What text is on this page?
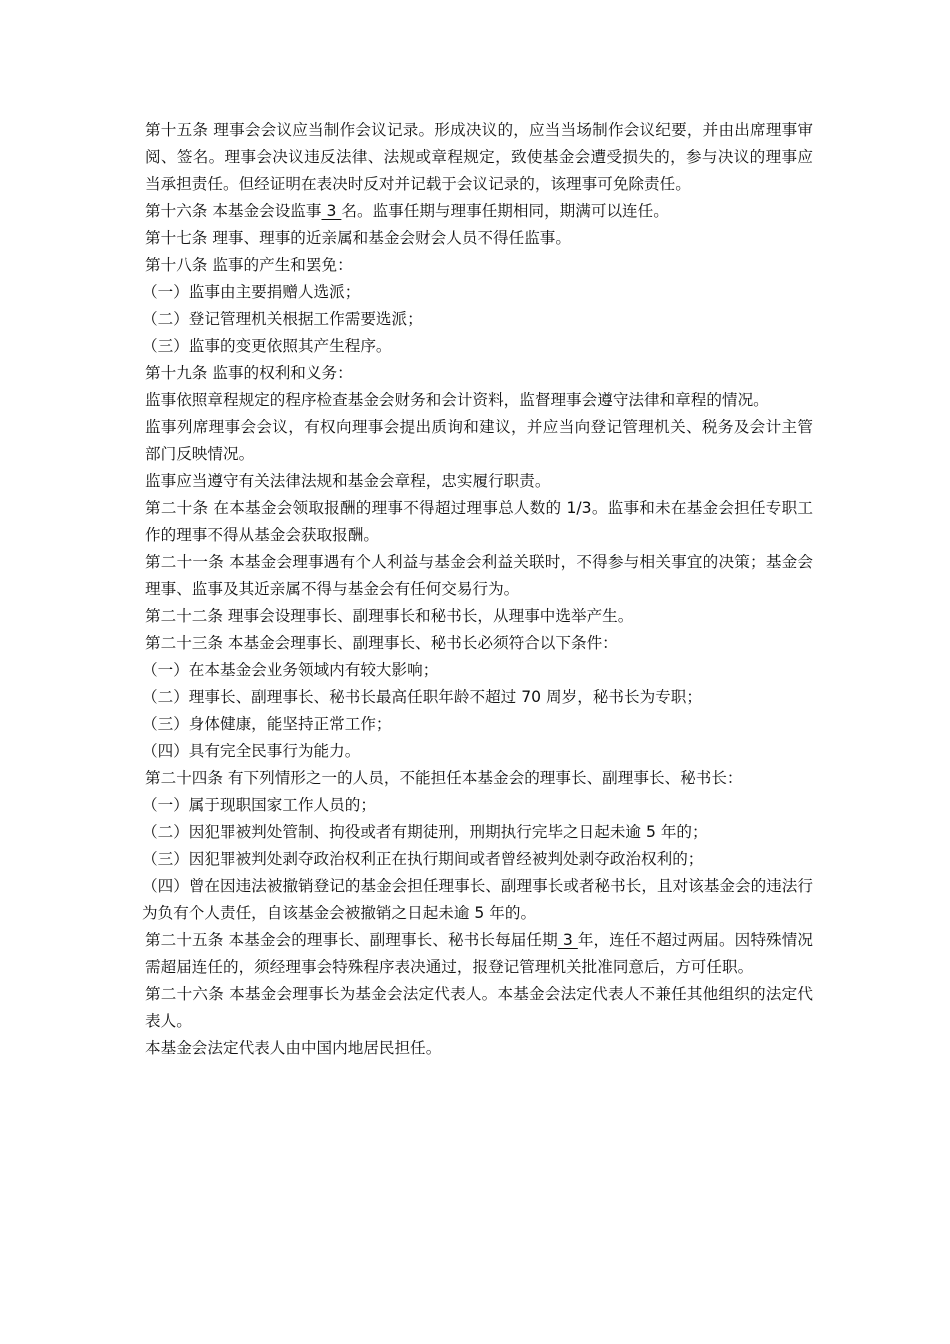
第十五条 理事会会议应当制作会议记录。形成决议的，应当当场制作会议纪要，并由出席理事审阅、签名。理事会决议违反法律、法规或章程规定，致使基金会遭受损失的，参与决议的理事应当承担责任。但经证明在表决时反对并记载于会议记录的，该理事可免除责任。

第十六条 本基金会设监事 3 名。监事任期与理事任期相同，期满可以连任。

第十七条 理事、理事的近亲属和基金会财会人员不得任监事。

第十八条 监事的产生和罢免：

（一）监事由主要捐赠人选派；

（二）登记管理机关根据工作需要选派；

（三）监事的变更依照其产生程序。

第十九条 监事的权利和义务：

监事依照章程规定的程序检查基金会财务和会计资料，监督理事会遵守法律和章程的情况。

监事列席理事会会议，有权向理事会提出质询和建议，并应当向登记管理机关、税务及会计主管部门反映情况。

监事应当遵守有关法律法规和基金会章程，忠实履行职责。

第二十条 在本基金会领取报酬的理事不得超过理事总人数的 1/3。监事和未在基金会担任专职工作的理事不得从基金会获取报酬。

第二十一条 本基金会理事遇有个人利益与基金会利益关联时，不得参与相关事宜的决策；基金会理事、监事及其近亲属不得与基金会有任何交易行为。

第二十二条 理事会设理事长、副理事长和秘书长，从理事中选举产生。

第二十三条 本基金会理事长、副理事长、秘书长必须符合以下条件：

（一）在本基金会业务领域内有较大影响；

（二）理事长、副理事长、秘书长最高任职年龄不超过 70 周岁，秘书长为专职；

（三）身体健康，能坚持正常工作；

（四）具有完全民事行为能力。

第二十四条 有下列情形之一的人员，不能担任本基金会的理事长、副理事长、秘书长：

（一）属于现职国家工作人员的；

（二）因犯罪被判处管制、拘役或者有期徒刑，刑期执行完毕之日起未逾 5 年的；

（三）因犯罪被判处剥夺政治权利正在执行期间或者曾经被判处剥夺政治权利的；

（四）曾在因违法被撤销登记的基金会担任理事长、副理事长或者秘书长，且对该基金会的违法行为负有个人责任，自该基金会被撤销之日起未逾 5 年的。

第二十五条 本基金会的理事长、副理事长、秘书长每届任期 3 年，连任不超过两届。因特殊情况需超届连任的，须经理事会特殊程序表决通过，报登记管理机关批准同意后，方可任职。

第二十六条 本基金会理事长为基金会法定代表人。本基金会法定代表人不兼任其他组织的法定代表人。

本基金会法定代表人由中国内地居民担任。
